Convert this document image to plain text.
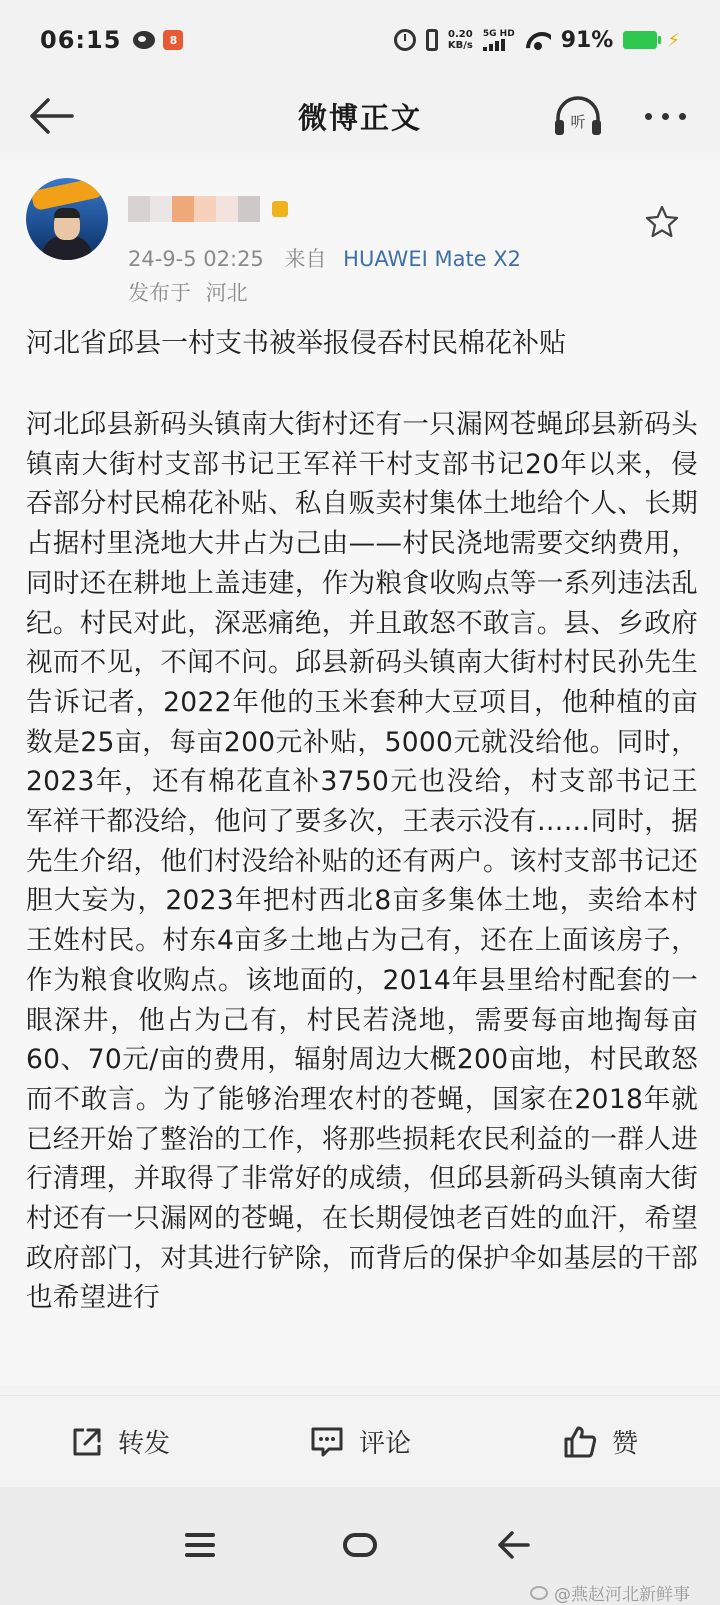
06:15	8	0.20
KB/s
5G HD 91%	⚡
微博正文	听
24-9-5 02:25 来自 HUAWEI Mate X2
发布于 河北
河北省邱县一村支书被举报侵吞村民棉花补贴
河北邱县新码头镇南大街村还有一只漏网苍蝇邱县新码头镇南大街村支部书记王军祥干村支部书记20年以来，侵吞部分村民棉花补贴、私自贩卖村集体土地给个人、长期占据村里浇地大井占为己由——村民浇地需要交纳费用，同时还在耕地上盖违建，作为粮食收购点等一系列违法乱纪。村民对此，深恶痛绝，并且敢怒不敢言。县、乡政府视而不见，不闻不问。邱县新码头镇南大街村村民孙先生告诉记者，2022年他的玉米套种大豆项目，他种植的亩数是25亩，每亩200元补贴，5000元就没给他。同时，2023年，还有棉花直补3750元也没给，村支部书记王军祥干都没给，他问了要多次，王表示没有……同时，据先生介绍，他们村没给补贴的还有两户。该村支部书记还胆大妄为，2023年把村西北8亩多集体土地，卖给本村王姓村民。村东4亩多土地占为己有，还在上面该房子，作为粮食收购点。该地面的，2014年县里给村配套的一眼深井，他占为己有，村民若浇地，需要每亩地掏每亩60、70元/亩的费用，辐射周边大概200亩地，村民敢怒而不敢言。为了能够治理农村的苍蝇，国家在2018年就已经开始了整治的工作，将那些损耗农民利益的一群人进行清理，并取得了非常好的成绩，但邱县新码头镇南大街村还有一只漏网的苍蝇，在长期侵蚀老百姓的血汗，希望政府部门，对其进行铲除，而背后的保护伞如基层的干部也希望进行
转发	评论	赞
@燕赵河北新鲜事
